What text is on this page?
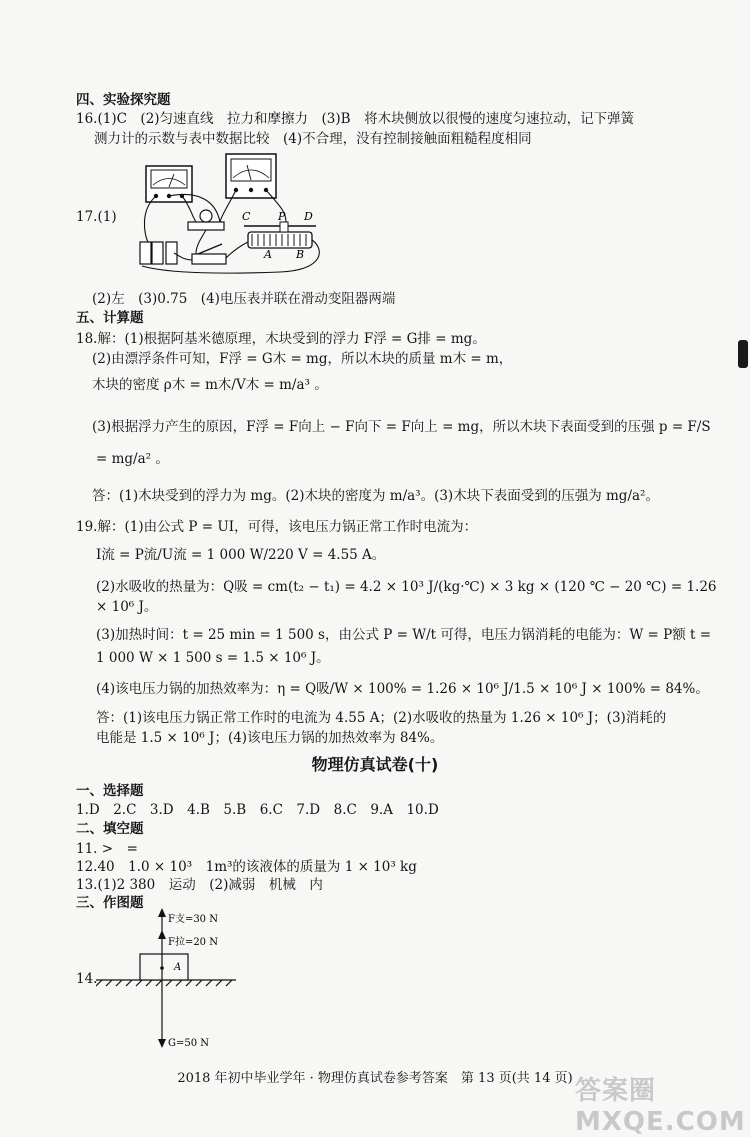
四、实验探究题
16.(1)C　(2)匀速直线　拉力和摩擦力　(3)B　将木块侧放以很慢的速度匀速拉动，记下弹簧
测力计的示数与表中数据比较　(4)不合理，没有控制接触面粗糙程度相同
17.(1)	C	P D
A B
(2)左　(3)0.75　(4)电压表并联在滑动变阻器两端
五、计算题
18.解：(1)根据阿基米德原理，木块受到的浮力 F浮 = G排 = mg。
(2)由漂浮条件可知，F浮 = G木 = mg，所以木块的质量 m木 = m，
木块的密度 ρ木 = m木/V木 = m/a³ 。
(3)根据浮力产生的原因，F浮 = F向上 − F向下 = F向上 = mg，所以木块下表面受到的压强 p = F/S
= mg/a² 。
答：(1)木块受到的浮力为 mg。(2)木块的密度为 m/a³。(3)木块下表面受到的压强为 mg/a²。
19.解：(1)由公式 P = UI，可得，该电压力锅正常工作时电流为：
I流 = P流/U流 = 1 000 W/220 V = 4.55 A。
(2)水吸收的热量为：Q吸 = cm(t₂ − t₁) = 4.2 × 10³ J/(kg·℃) × 3 kg × (120 ℃ − 20 ℃) = 1.26
× 10⁶ J。
(3)加热时间：t = 25 min = 1 500 s，由公式 P = W/t 可得，电压力锅消耗的电能为：W = P额 t =
1 000 W × 1 500 s = 1.5 × 10⁶ J。
(4)该电压力锅的加热效率为：η = Q吸/W × 100% = 1.26 × 10⁶ J/1.5 × 10⁶ J × 100% = 84%。
答：(1)该电压力锅正常工作时的电流为 4.55 A；(2)水吸收的热量为 1.26 × 10⁶ J；(3)消耗的
电能是 1.5 × 10⁶ J；(4)该电压力锅的加热效率为 84%。
物理仿真试卷(十)
一、选择题
1.D　2.C　3.D　4.B　5.B　6.C　7.D　8.C　9.A　10.D
二、填空题
11. >　=
12.40　1.0 × 10³　1m³的该液体的质量为 1 × 10³ kg
13.(1)2 380　运动　(2)减弱　机械　内
三、作图题
14.
F支=30 N
F拉=20 N
A
G=50 N
2018 年初中毕业学年 · 物理仿真试卷参考答案　第 13 页(共 14 页) 答案圈 MXQE.COM
